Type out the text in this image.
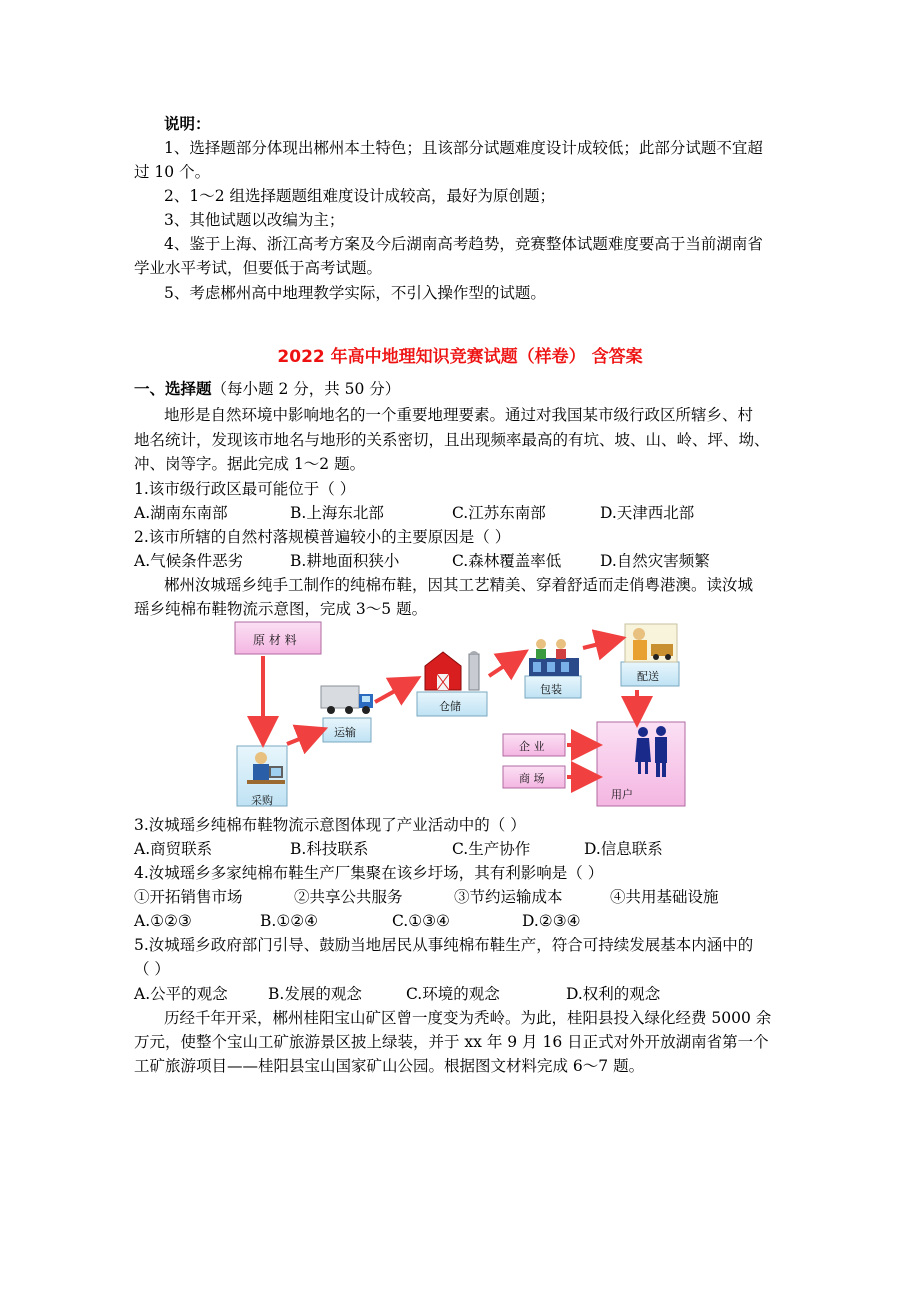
说明：
1、选择题部分体现出郴州本土特色；且该部分试题难度设计成较低；此部分试题不宜超
过 10 个。
2、1～2 组选择题题组难度设计成较高，最好为原创题；
3、其他试题以改编为主；
4、鉴于上海、浙江高考方案及今后湖南高考趋势，竞赛整体试题难度要高于当前湖南省
学业水平考试，但要低于高考试题。
5、考虑郴州高中地理教学实际，不引入操作型的试题。
2022 年高中地理知识竞赛试题（样卷） 含答案
一、选择题（每小题 2 分，共 50 分）
地形是自然环境中影响地名的一个重要地理要素。通过对我国某市级行政区所辖乡、村
地名统计，发现该市地名与地形的关系密切，且出现频率最高的有坑、坡、山、岭、坪、坳、
冲、岗等字。据此完成 1～2 题。
1.该市级行政区最可能位于（ ）
A.湖南东南部	B.上海东北部	C.江苏东南部	D.天津西北部
2.该市所辖的自然村落规模普遍较小的主要原因是（ ）
A.气候条件恶劣	B.耕地面积狭小	C.森林覆盖率低	D.自然灾害频繁
郴州汝城瑶乡纯手工制作的纯棉布鞋，因其工艺精美、穿着舒适而走俏粤港澳。读汝城
瑶乡纯棉布鞋物流示意图，完成 3～5 题。
原 材 料
采购
运输
仓储
包装
配送
企 业
商 场
用户
3.汝城瑶乡纯棉布鞋物流示意图体现了产业活动中的（ ）
A.商贸联系	B.科技联系	C.生产协作	D.信息联系
4.汝城瑶乡多家纯棉布鞋生产厂集聚在该乡圩场，其有利影响是（ ）
①开拓销售市场	②共享公共服务	③节约运输成本	④共用基础设施
A.①②③	B.①②④	C.①③④	D.②③④
5.汝城瑶乡政府部门引导、鼓励当地居民从事纯棉布鞋生产，符合可持续发展基本内涵中的
（ ）
A.公平的观念	B.发展的观念	C.环境的观念	D.权利的观念
历经千年开采，郴州桂阳宝山矿区曾一度变为秃岭。为此，桂阳县投入绿化经费 5000 余
万元，使整个宝山工矿旅游景区披上绿装，并于 xx 年 9 月 16 日正式对外开放湖南省第一个
工矿旅游项目——桂阳县宝山国家矿山公园。根据图文材料完成 6～7 题。
